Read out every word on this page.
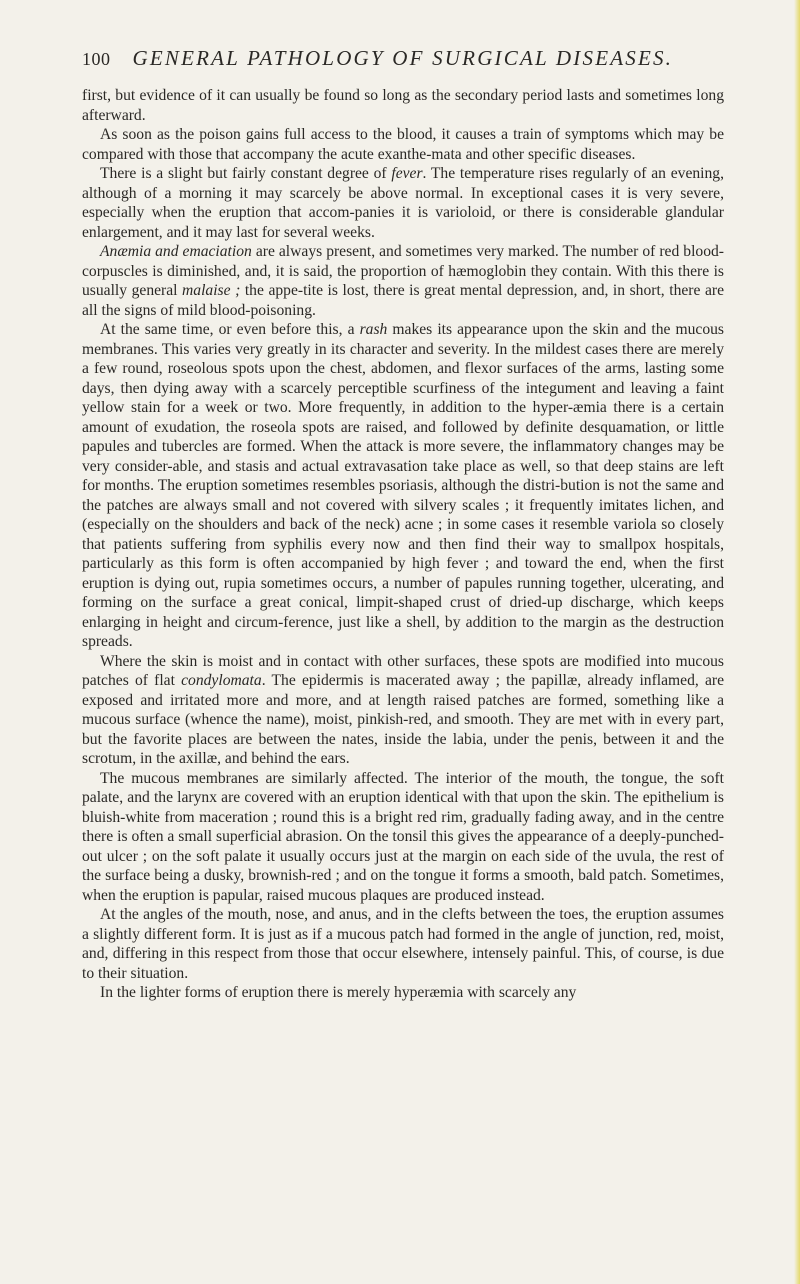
100 GENERAL PATHOLOGY OF SURGICAL DISEASES.

first, but evidence of it can usually be found so long as the secondary period lasts and sometimes long afterward.

As soon as the poison gains full access to the blood, it causes a train of symptoms which may be compared with those that accompany the acute exanthe-mata and other specific diseases.

There is a slight but fairly constant degree of fever. The temperature rises regularly of an evening, although of a morning it may scarcely be above normal. In exceptional cases it is very severe, especially when the eruption that accom-panies it is varioloid, or there is considerable glandular enlargement, and it may last for several weeks.

Anæmia and emaciation are always present, and sometimes very marked. The number of red blood-corpuscles is diminished, and, it is said, the proportion of hæmoglobin they contain. With this there is usually general malaise ; the appe-tite is lost, there is great mental depression, and, in short, there are all the signs of mild blood-poisoning.

At the same time, or even before this, a rash makes its appearance upon the skin and the mucous membranes. This varies very greatly in its character and severity. In the mildest cases there are merely a few round, roseolous spots upon the chest, abdomen, and flexor surfaces of the arms, lasting some days, then dying away with a scarcely perceptible scurfiness of the integument and leaving a faint yellow stain for a week or two. More frequently, in addition to the hyper-æmia there is a certain amount of exudation, the roseola spots are raised, and followed by definite desquamation, or little papules and tubercles are formed. When the attack is more severe, the inflammatory changes may be very consider-able, and stasis and actual extravasation take place as well, so that deep stains are left for months. The eruption sometimes resembles psoriasis, although the distri-bution is not the same and the patches are always small and not covered with silvery scales ; it frequently imitates lichen, and (especially on the shoulders and back of the neck) acne ; in some cases it resemble variola so closely that patients suffering from syphilis every now and then find their way to smallpox hospitals, particularly as this form is often accompanied by high fever ; and toward the end, when the first eruption is dying out, rupia sometimes occurs, a number of papules running together, ulcerating, and forming on the surface a great conical, limpit-shaped crust of dried-up discharge, which keeps enlarging in height and circum-ference, just like a shell, by addition to the margin as the destruction spreads.

Where the skin is moist and in contact with other surfaces, these spots are modified into mucous patches of flat condylomata. The epidermis is macerated away ; the papillæ, already inflamed, are exposed and irritated more and more, and at length raised patches are formed, something like a mucous surface (whence the name), moist, pinkish-red, and smooth. They are met with in every part, but the favorite places are between the nates, inside the labia, under the penis, between it and the scrotum, in the axillæ, and behind the ears.

The mucous membranes are similarly affected. The interior of the mouth, the tongue, the soft palate, and the larynx are covered with an eruption identical with that upon the skin. The epithelium is bluish-white from maceration ; round this is a bright red rim, gradually fading away, and in the centre there is often a small superficial abrasion. On the tonsil this gives the appearance of a deeply-punched-out ulcer ; on the soft palate it usually occurs just at the margin on each side of the uvula, the rest of the surface being a dusky, brownish-red ; and on the tongue it forms a smooth, bald patch. Sometimes, when the eruption is papular, raised mucous plaques are produced instead.

At the angles of the mouth, nose, and anus, and in the clefts between the toes, the eruption assumes a slightly different form. It is just as if a mucous patch had formed in the angle of junction, red, moist, and, differing in this respect from those that occur elsewhere, intensely painful. This, of course, is due to their situation.

In the lighter forms of eruption there is merely hyperæmia with scarcely any
